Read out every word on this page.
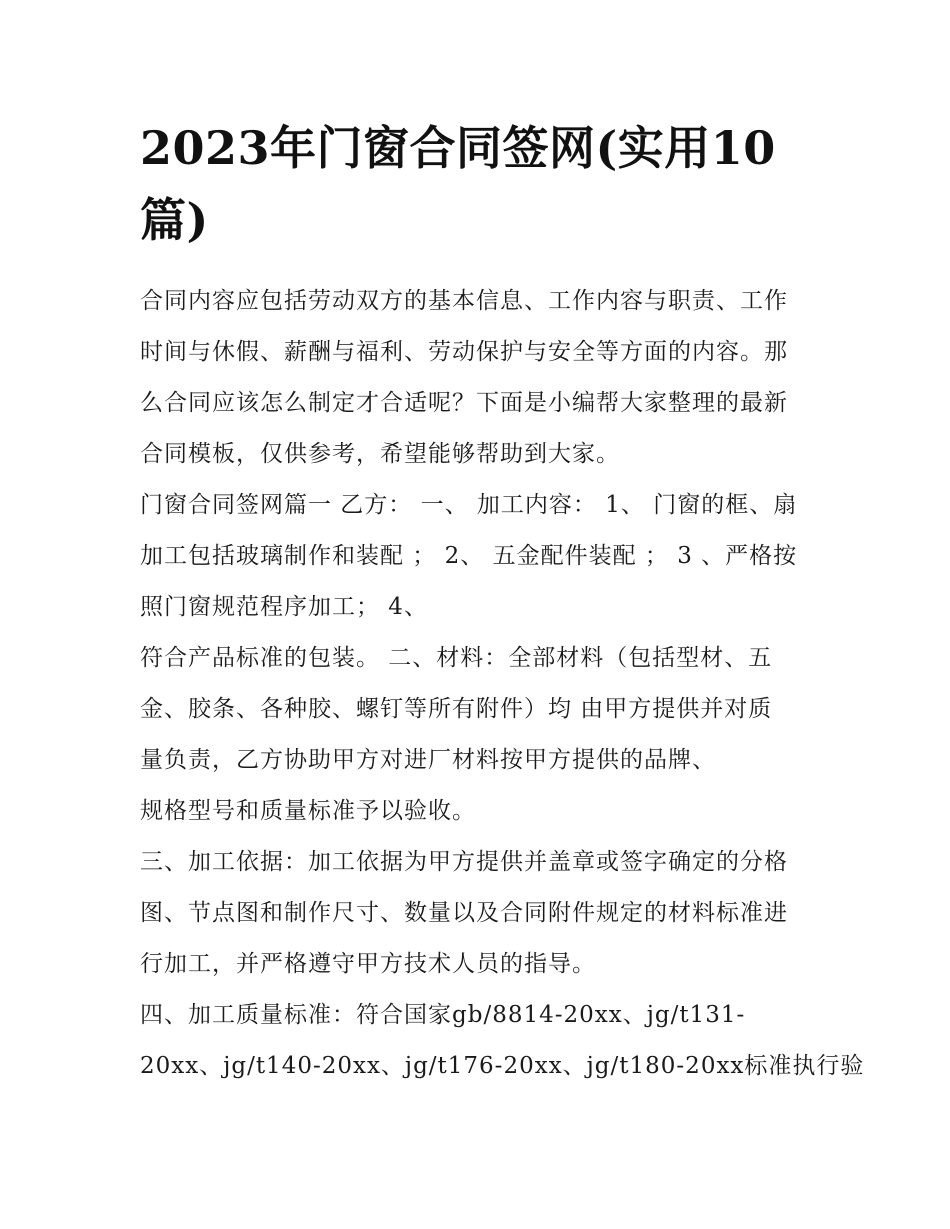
2023年门窗合同签网(实用10
篇)

合同内容应包括劳动双方的基本信息、工作内容与职责、工作
时间与休假、薪酬与福利、劳动保护与安全等方面的内容。那
么合同应该怎么制定才合适呢？下面是小编帮大家整理的最新
合同模板，仅供参考，希望能够帮助到大家。

门窗合同签网篇一 乙方： 一、 加工内容： 1、 门窗的框、扇
加工包括玻璃制作和装配 ； 2、 五金配件装配 ； 3 、严格按
照门窗规范程序加工； 4、

符合产品标准的包装。 二、材料：全部材料（包括型材、五
金、胶条、各种胶、螺钉等所有附件）均 由甲方提供并对质
量负责，乙方协助甲方对进厂材料按甲方提供的品牌、
规格型号和质量标准予以验收。

三、加工依据：加工依据为甲方提供并盖章或签字确定的分格
图、节点图和制作尺寸、数量以及合同附件规定的材料标准进
行加工，并严格遵守甲方技术人员的指导。

四、加工质量标准：符合国家gb/8814-20xx、jg/t131-
20xx、jg/t140-20xx、jg/t176-20xx、jg/t180-20xx标准执行验
